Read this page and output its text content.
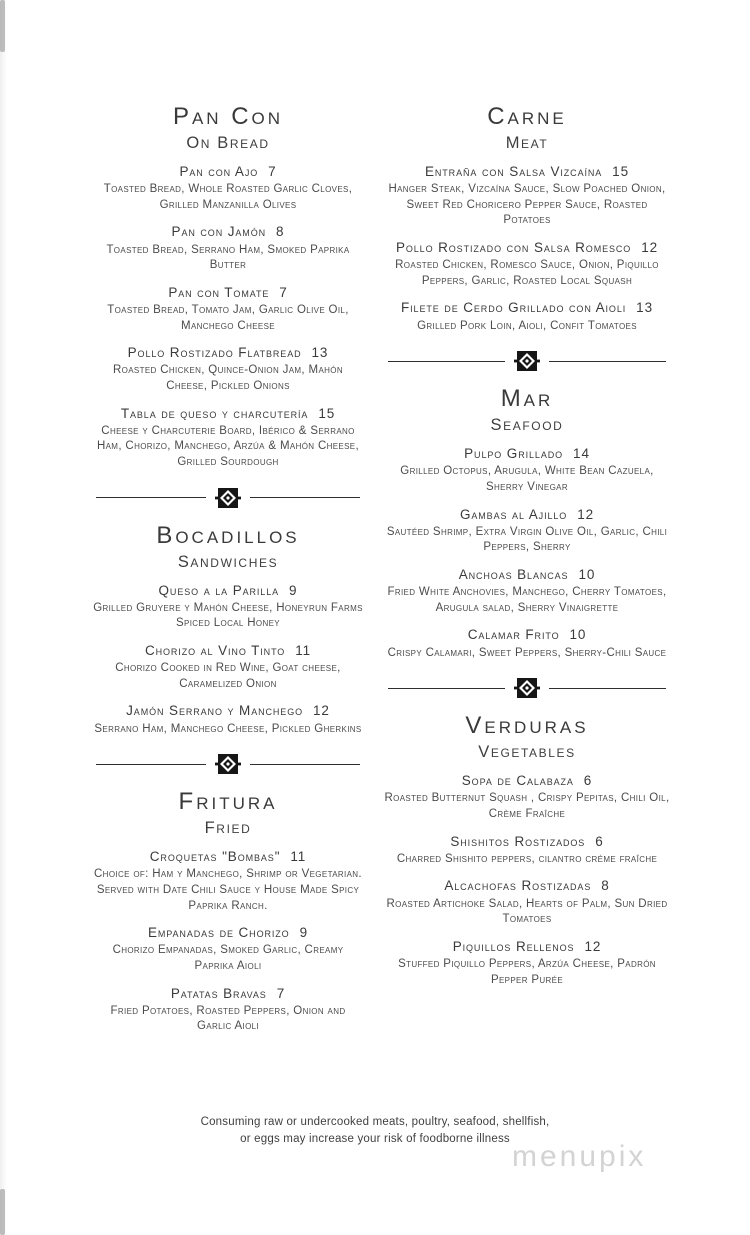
Pan Con
On Bread
Pan con Ajo 7
Toasted Bread, Whole Roasted Garlic Cloves, Grilled Manzanilla Olives
Pan con Jamón 8
Toasted Bread, Serrano Ham, Smoked Paprika Butter
Pan con Tomate 7
Toasted Bread, Tomato Jam, Garlic Olive Oil, Manchego Cheese
Pollo Rostizado Flatbread 13
Roasted Chicken, Quince-Onion Jam, Mahón Cheese, Pickled Onions
Tabla de queso y charcutería 15
Cheese y Charcuterie Board, Ibérico & Serrano Ham, Chorizo, Manchego, Arzúa & Mahón Cheese, Grilled Sourdough
Bocadillos
Sandwiches
Queso a la Parilla 9
Grilled Gruyere y Mahón Cheese, Honeyrun Farms Spiced Local Honey
Chorizo al Vino Tinto 11
Chorizo Cooked in Red Wine, Goat cheese, Caramelized Onion
Jamón Serrano y Manchego 12
Serrano Ham, Manchego Cheese, Pickled Gherkins
Fritura
Fried
Croquetas "Bombas" 11
Choice of: Ham y Manchego, Shrimp or Vegetarian. Served with Date Chili Sauce y House Made Spicy Paprika Ranch.
Empanadas de Chorizo 9
Chorizo Empanadas, Smoked Garlic, Creamy Paprika Aioli
Patatas Bravas 7
Fried Potatoes, Roasted Peppers, Onion and Garlic Aioli
Carne
Meat
Entraña con Salsa Vizcaína 15
Hanger Steak, Vizcaína Sauce, Slow Poached Onion, Sweet Red Choricero Pepper Sauce, Roasted Potatoes
Pollo Rostizado con Salsa Romesco 12
Roasted Chicken, Romesco Sauce, Onion, Piquillo Peppers, Garlic, Roasted Local Squash
Filete de Cerdo Grillado con Aioli 13
Grilled Pork Loin, Aioli, Confit Tomatoes
Mar
Seafood
Pulpo Grillado 14
Grilled Octopus, Arugula, White Bean Cazuela, Sherry Vinegar
Gambas al Ajillo 12
Sautéed Shrimp, Extra Virgin Olive Oil, Garlic, Chili Peppers, Sherry
Anchoas Blancas 10
Fried White Anchovies, Manchego, Cherry Tomatoes, Arugula salad, Sherry Vinaigrette
Calamar Frito 10
Crispy Calamari, Sweet Peppers, Sherry-Chili Sauce
Verduras
Vegetables
Sopa de Calabaza 6
Roasted Butternut Squash , Crispy Pepitas, Chili Oil, Crème Fraîche
Shishitos Rostizados 6
Charred Shishito peppers, cilantro créme fraîche
Alcachofas Rostizadas 8
Roasted Artichoke Salad, Hearts of Palm, Sun Dried Tomatoes
Piquillos Rellenos 12
Stuffed Piquillo Peppers, Arzúa Cheese, Padrón Pepper Purée
Consuming raw or undercooked meats, poultry, seafood, shellfish,
or eggs may increase your risk of foodborne illness
menupix
